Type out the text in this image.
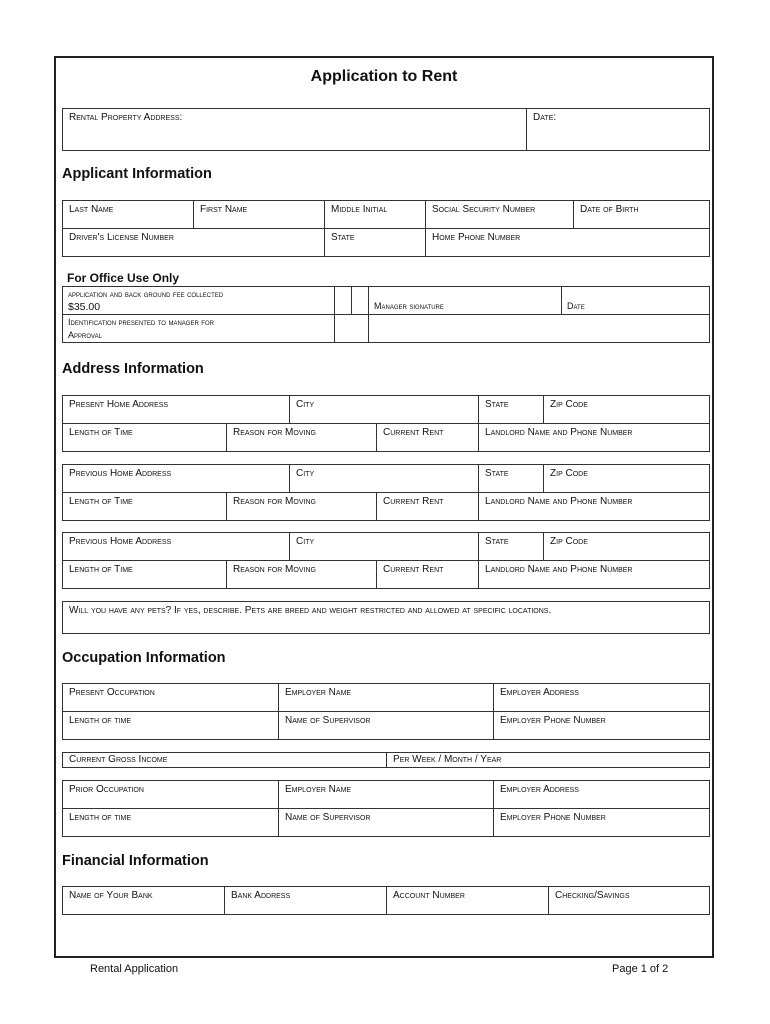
Application to Rent
Rental Property Address:	Date:
Applicant Information
Last Name	First Name	Middle Initial	Social Security Number	Date of Birth
Driver's License Number		State	Home Phone Number	
For Office Use Only
application and back ground fee collected
$35.00			Manager signature	Date

Identification presented to manager for
Approval				

Address Information
Present Home Address		City		State	Zip Code
Length of Time	Reason for Moving		Current Rent	Landlord Name and Phone Number	
Previous Home Address		City		State	Zip Code
Length of Time	Reason for Moving		Current Rent	Landlord Name and Phone Number	
Previous Home Address		City		State	Zip Code
Length of Time	Reason for Moving		Current Rent	Landlord Name and Phone Number	
Will you have any pets? If yes, describe. Pets are breed and weight restricted and allowed at specific locations.
Occupation Information
Present Occupation	Employer Name	Employer Address
Length of time	Name of Supervisor	Employer Phone Number
Current Gross Income	Per Week / Month / Year
Prior Occupation	Employer Name	Employer Address
Length of time	Name of Supervisor	Employer Phone Number
Financial Information
Name of Your Bank	Bank Address	Account Number	Checking/Savings
Rental Application	Page 1 of 2
